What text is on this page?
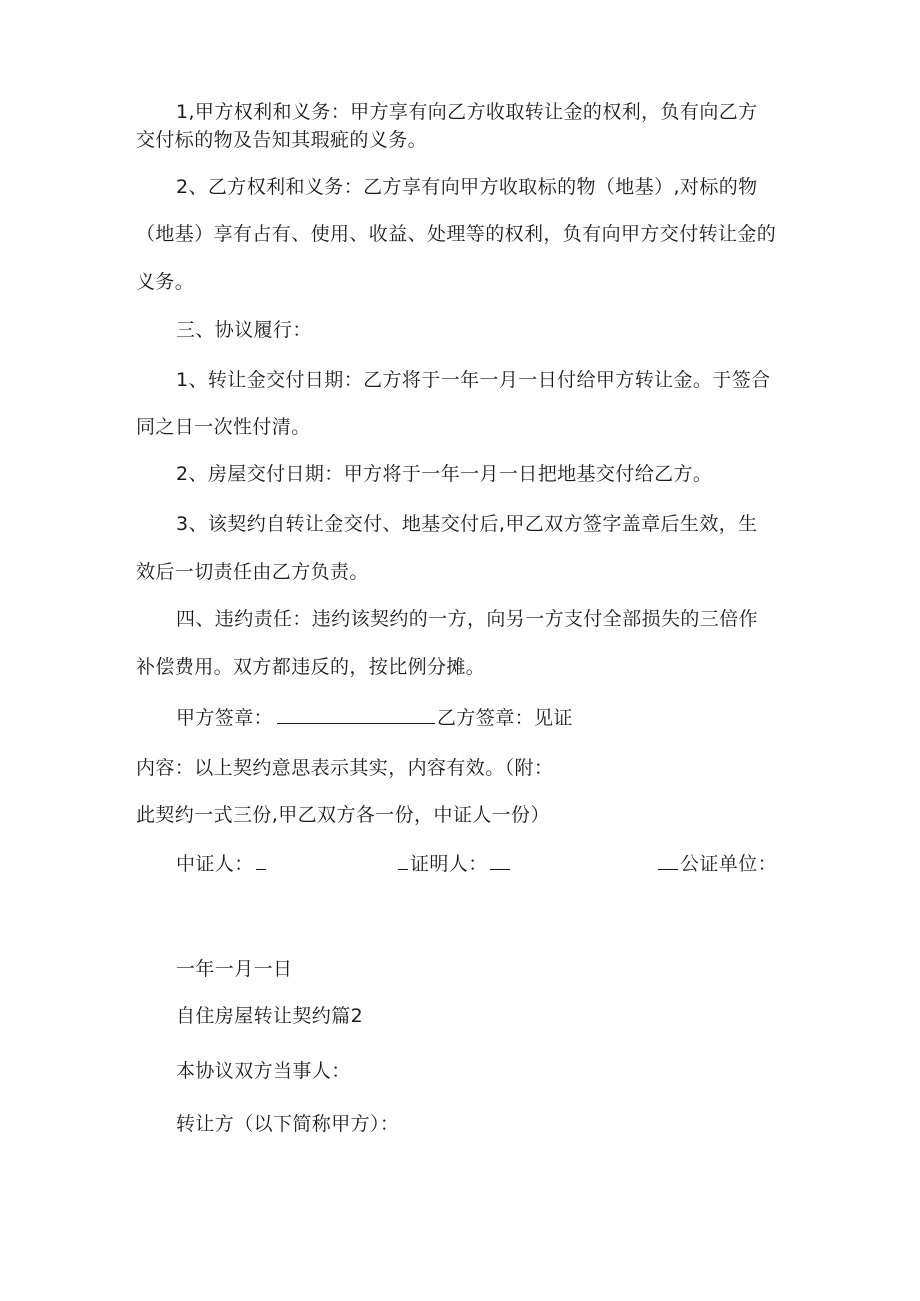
1,甲方权利和义务：甲方享有向乙方收取转让金的权利，负有向乙方
交付标的物及告知其瑕疵的义务。
2、乙方权利和义务：乙方享有向甲方收取标的物（地基）,对标的物
（地基）享有占有、使用、收益、处理等的权利，负有向甲方交付转让金的
义务。
三、协议履行：
1、转让金交付日期：乙方将于一年一月一日付给甲方转让金。于签合
同之日一次性付清。
2、房屋交付日期：甲方将于一年一月一日把地基交付给乙方。
3、该契约自转让金交付、地基交付后,甲乙双方签字盖章后生效，生
效后一切责任由乙方负责。
四、违约责任：违约该契约的一方，向另一方支付全部损失的三倍作
补偿费用。双方都违反的，按比例分摊。
甲方签章：	乙方签章：见证
内容：以上契约意思表示其实，内容有效。（附：
此契约一式三份,甲乙双方各一份，中证人一份）
中证人：	证明人：	公证单位：
一年一月一日
自住房屋转让契约篇2
本协议双方当事人：
转让方（以下简称甲方）：
